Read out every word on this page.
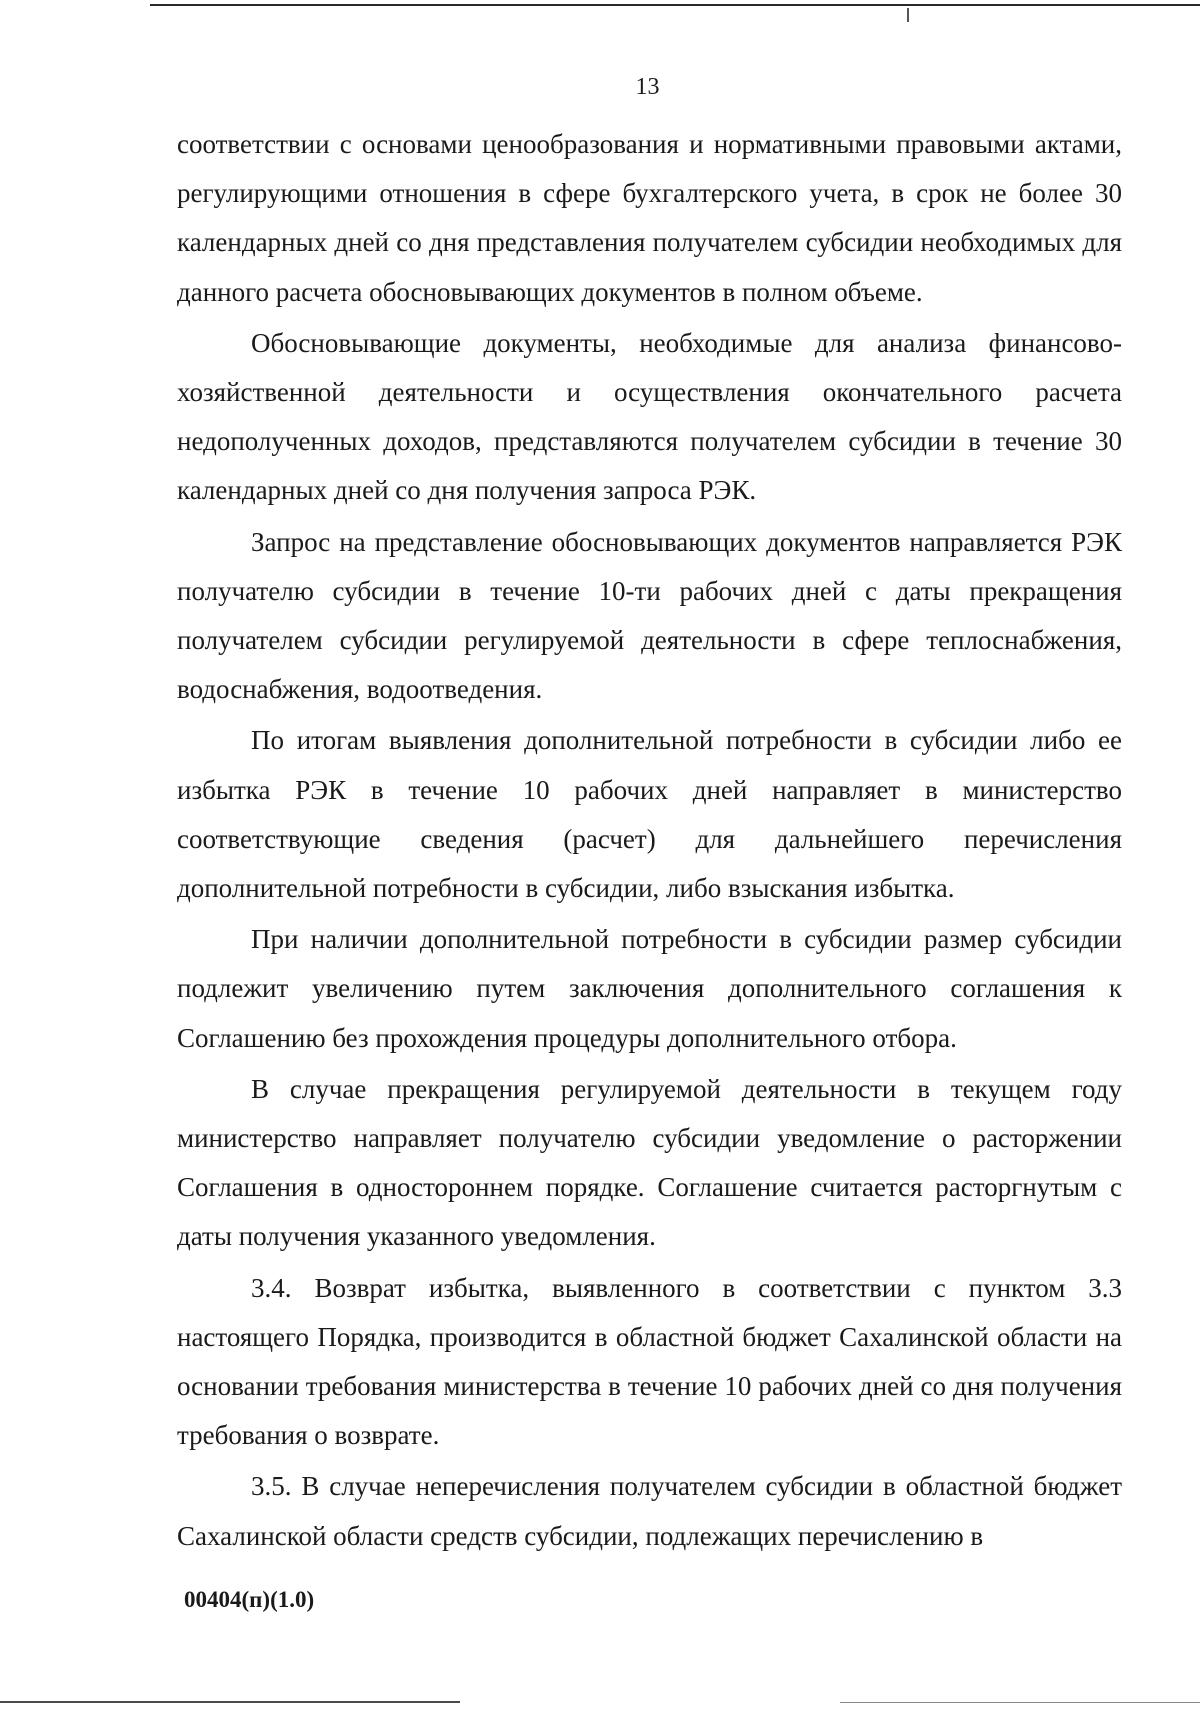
13

соответствии с основами ценообразования и нормативными правовыми актами, регулирующими отношения в сфере бухгалтерского учета, в срок не более 30 календарных дней со дня представления получателем субсидии необходимых для данного расчета обосновывающих документов в полном объеме.

Обосновывающие документы, необходимые для анализа финансово-хозяйственной деятельности и осуществления окончательного расчета недополученных доходов, представляются получателем субсидии в течение 30 календарных дней со дня получения запроса РЭК.

Запрос на представление обосновывающих документов направляется РЭК получателю субсидии в течение 10-ти рабочих дней с даты прекращения получателем субсидии регулируемой деятельности в сфере теплоснабжения, водоснабжения, водоотведения.

По итогам выявления дополнительной потребности в субсидии либо ее избытка РЭК в течение 10 рабочих дней направляет в министерство соответствующие сведения (расчет) для дальнейшего перечисления дополнительной потребности в субсидии, либо взыскания избытка.

При наличии дополнительной потребности в субсидии размер субсидии подлежит увеличению путем заключения дополнительного соглашения к Соглашению без прохождения процедуры дополнительного отбора.

В случае прекращения регулируемой деятельности в текущем году министерство направляет получателю субсидии уведомление о расторжении Соглашения в одностороннем порядке. Соглашение считается расторгнутым с даты получения указанного уведомления.

3.4. Возврат избытка, выявленного в соответствии с пунктом 3.3 настоящего Порядка, производится в областной бюджет Сахалинской области на основании требования министерства в течение 10 рабочих дней со дня получения требования о возврате.

3.5. В случае неперечисления получателем субсидии в областной бюджет Сахалинской области средств субсидии, подлежащих перечислению в

00404(п)(1.0)
